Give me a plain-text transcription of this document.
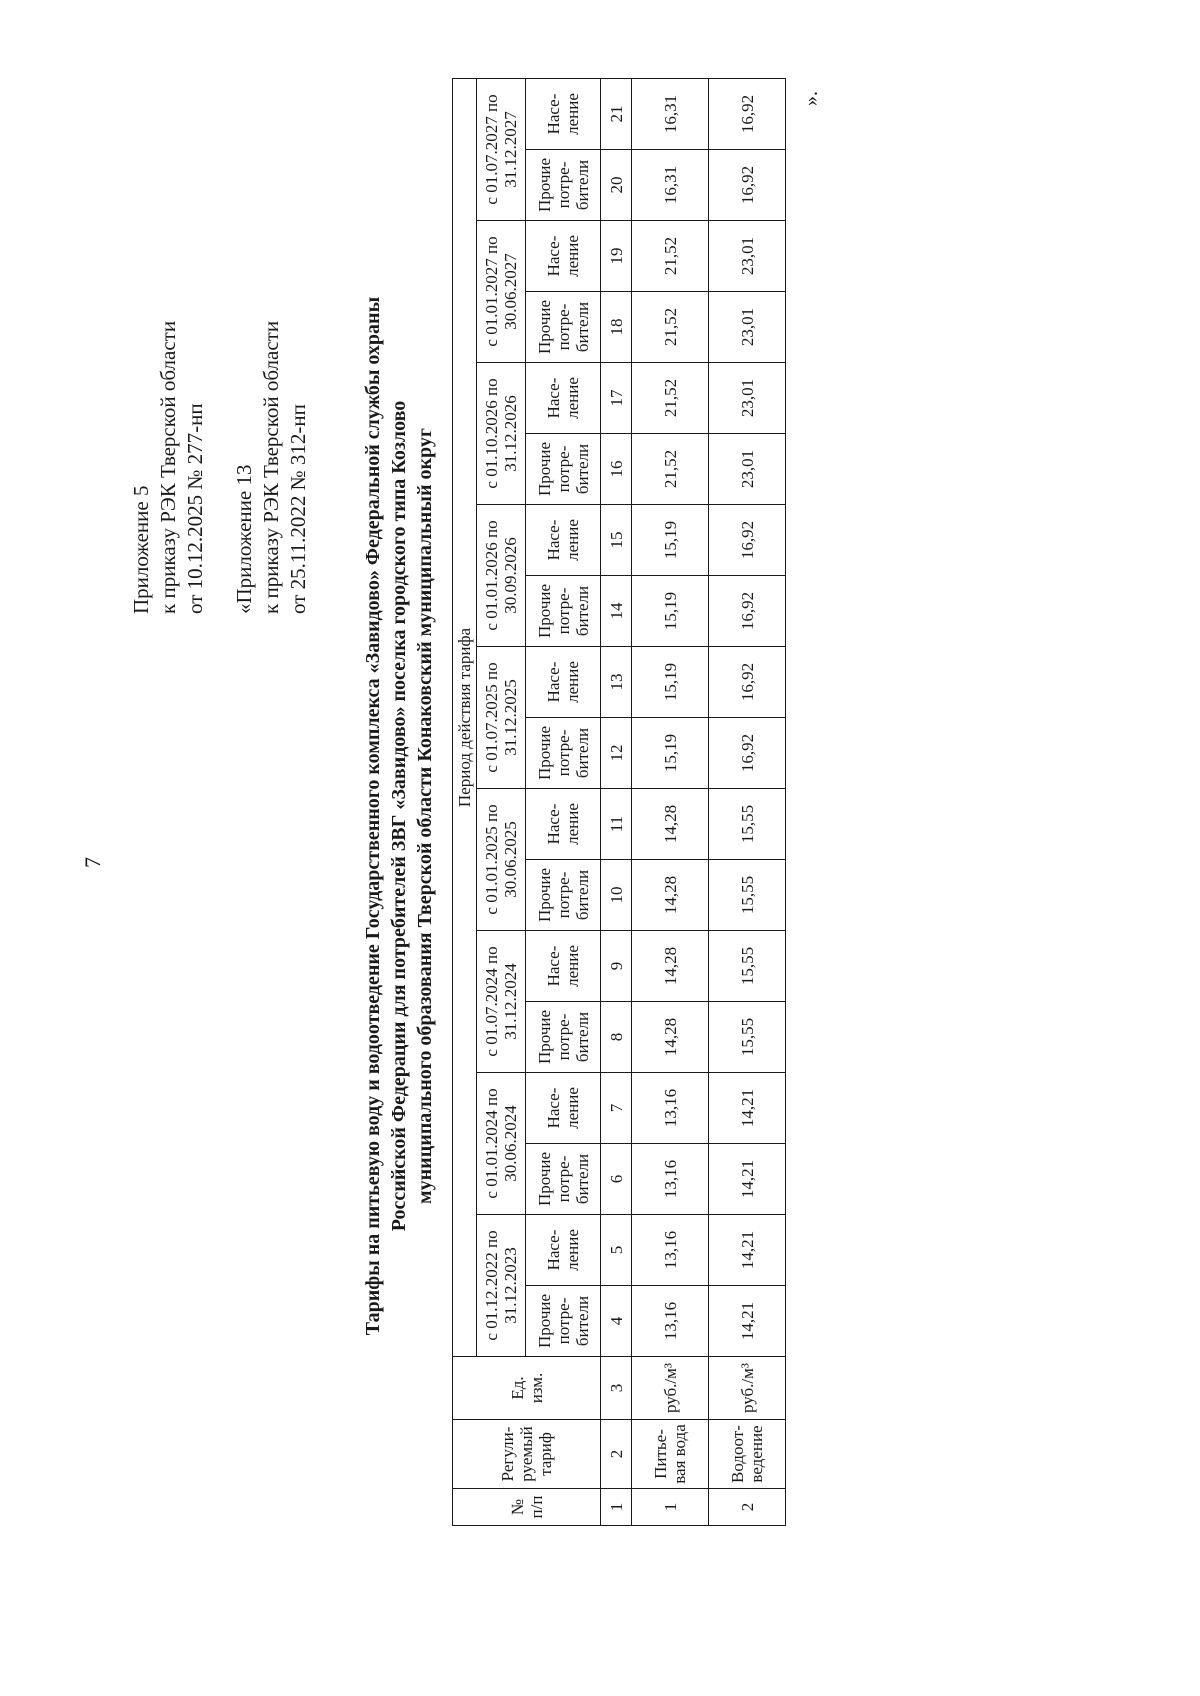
7
Приложение 5 к приказу РЭК Тверской области от 10.12.2025 № 277-нп «Приложение 13 к приказу РЭК Тверской области от 25.11.2022 № 312-нп	Тарифы на питьевую воду и водоотведение Государственного комплекса «Завидово» Федеральной службы охраны Российской Федерации для потребителей ЗВГ «Завидово» поселка городского типа Козлово муниципального образования Тверской области Конаковский муниципальный округ
№ п/п	Регули-руемый тариф	Ед. изм.	Период действия тарифа																	
			с 01.12.2022 по 31.12.2023		с 01.01.2024 по 30.06.2024		с 01.07.2024 по 31.12.2024		с 01.01.2025 по 30.06.2025		с 01.07.2025 по 31.12.2025		с 01.01.2026 по 30.09.2026		с 01.10.2026 по 31.12.2026		с 01.01.2027 по 30.06.2027		с 01.07.2027 по 31.12.2027	
			Прочие потре-бители	Насе-ление	Прочие потре-бители	Насе-ление	Прочие потре-бители	Насе-ление	Прочие потре-бители	Насе-ление	Прочие потре-бители	Насе-ление	Прочие потре-бители	Насе-ление	Прочие потре-бители	Насе-ление	Прочие потре-бители	Насе-ление	Прочие потре-бители	Насе-ление
1	2	3	4	5	6	7	8	9	10	11	12	13	14	15	16	17	18	19	20	21
1	Питье-вая вода	руб./м³	13,16	13,16	13,16	13,16	14,28	14,28	14,28	14,28	15,19	15,19	15,19	15,19	21,52	21,52	21,52	21,52	16,31	16,31
2	Водоот-ведение	руб./м³	14,21	14,21	14,21	14,21	15,55	15,55	15,55	15,55	16,92	16,92	16,92	16,92	23,01	23,01	23,01	23,01	16,92	16,92 ».
